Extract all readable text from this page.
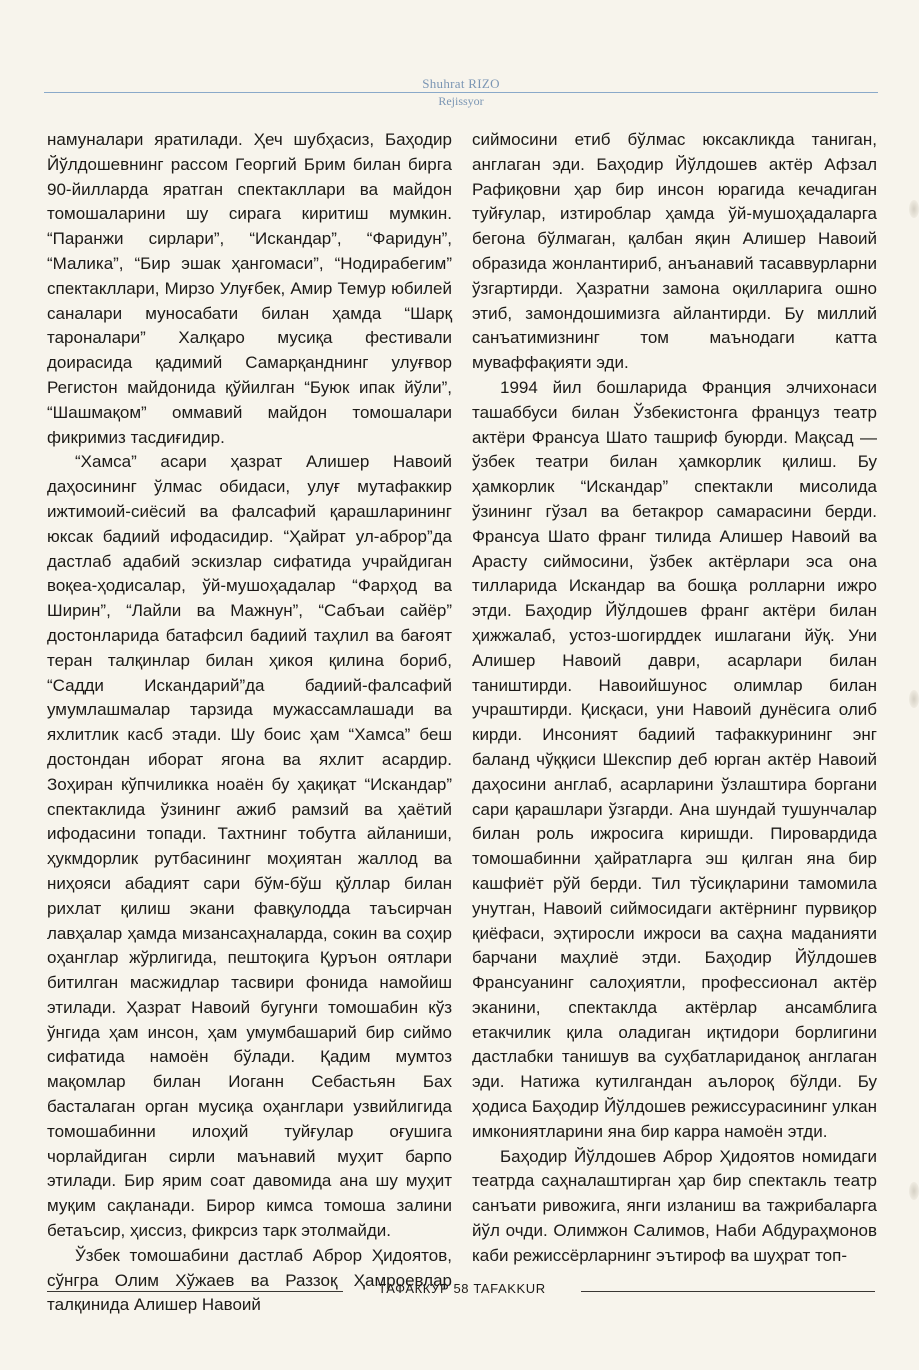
Shuhrat RIZO
Rejissyor

намуналари яратилади. Ҳеч шубҳасиз, Баҳодир Йўлдошевнинг рассом Георгий Брим билан бирга 90-йилларда яратган спектакллари ва майдон томошаларини шу сирага киритиш мумкин. “Паранжи сирлари”, “Искандар”, “Фаридун”, “Малика”, “Бир эшак ҳангомаси”, “Нодирабегим” спектакллари, Мирзо Улуғбек, Амир Темур юбилей саналари муносабати билан ҳамда “Шарқ тароналари” Халқаро мусиқа фестивали доирасида қадимий Самарқанднинг улуғвор Регистон майдонида қўйилган “Буюк ипак йўли”, “Шашмақом” оммавий майдон томошалари фикримиз тасдиғидир.

“Хамса” асари ҳазрат Алишер Навоий даҳосининг ўлмас обидаси, улуғ мутафаккир ижтимоий-сиёсий ва фалсафий қарашларининг юксак бадиий ифодасидир. “Ҳайрат ул-аброр”да дастлаб адабий эскизлар сифатида учрайдиган воқеа-ҳодисалар, ўй-мушоҳадалар “Фарҳод ва Ширин”, “Лайли ва Мажнун”, “Сабъаи сайёр” достонларида батафсил бадиий таҳлил ва бағоят теран талқинлар билан ҳикоя қилина бориб, “Садди Искандарий”да бадиий-фалсафий умумлашмалар тарзида мужассамлашади ва яхлитлик касб этади. Шу боис ҳам “Хамса” беш достондан иборат ягона ва яхлит асардир. Зоҳиран кўпчиликка ноаён бу ҳақиқат “Искандар” спектаклида ўзининг ажиб рамзий ва ҳаётий ифодасини топади. Тахтнинг тобутга айланиши, ҳукмдорлик рутбасининг моҳиятан жаллод ва ниҳояси абадият сари бўм-бўш қўллар билан рихлат қилиш экани фавқулодда таъсирчан лавҳалар ҳамда мизансаҳналарда, сокин ва соҳир оҳанглар жўрлигида, пештоқига Қуръон оятлари битилган масжидлар тасвири фонида намойиш этилади. Ҳазрат Навоий бугунги томошабин кўз ўнгида ҳам инсон, ҳам умумбашарий бир сиймо сифатида намоён бўлади. Қадим мумтоз мақомлар билан Иоганн Себастьян Бах басталаган орган мусиқа оҳанглари узвийлигида томошабинни илоҳий туйғулар оғушига чорлайдиган сирли маънавий муҳит барпо этилади. Бир ярим соат давомида ана шу муҳит муқим сақланади. Бирор кимса томоша залини бетаъсир, ҳиссиз, фикрсиз тарк этолмайди.

Ўзбек томошабини дастлаб Аброр Ҳидоятов, сўнгра Олим Хўжаев ва Раззоқ Ҳамроевлар талқинида Алишер Навоий

сиймосини етиб бўлмас юксакликда таниган, англаган эди. Баҳодир Йўлдошев актёр Афзал Рафиқовни ҳар бир инсон юрагида кечадиган туйғулар, изтироблар ҳамда ўй-мушоҳадаларга бегона бўлмаган, қалбан яқин Алишер Навоий образида жонлантириб, анъанавий тасаввурларни ўзгартирди. Ҳазратни замона оқилларига ошно этиб, замондошимизга айлантирди. Бу миллий санъатимизнинг том маънодаги катта муваффақияти эди.

1994 йил бошларида Франция элчихонаси ташаббуси билан Ўзбекистонга француз театр актёри Франсуа Шато ташриф буюрди. Мақсад — ўзбек театри билан ҳамкорлик қилиш. Бу ҳамкорлик “Искандар” спектакли мисолида ўзининг гўзал ва бетакрор самарасини берди. Франсуа Шато франг тилида Алишер Навоий ва Арасту сиймосини, ўзбек актёрлари эса она тилларида Искандар ва бошқа ролларни ижро этди. Баҳодир Йўлдошев франг актёри билан ҳижжалаб, устоз-шогирддек ишлагани йўқ. Уни Алишер Навоий даври, асарлари билан таништирди. Навоийшунос олимлар билан учраштирди. Қисқаси, уни Навоий дунёсига олиб кирди. Инсоният бадиий тафаккурининг энг баланд чўққиси Шекспир деб юрган актёр Навоий даҳосини англаб, асарларини ўзлаштира боргани сари қарашлари ўзгарди. Ана шундай тушунчалар билан роль ижросига киришди. Пировардида томошабинни ҳайратларга эш қилган яна бир кашфиёт рўй берди. Тил тўсиқларини тамомила унутган, Навоий сиймосидаги актёрнинг пурвиқор қиёфаси, эҳтиросли ижроси ва саҳна маданияти барчани маҳлиё этди. Баҳодир Йўлдошев Франсуанинг салоҳиятли, профессионал актёр эканини, спектаклда актёрлар ансамблига етакчилик қила оладиган иқтидори борлигини дастлабки танишув ва суҳбатлариданоқ англаган эди. Натижа кутилгандан аълороқ бўлди. Бу ҳодиса Баҳодир Йўлдошев режиссурасининг улкан имкониятларини яна бир карра намоён этди.

Баҳодир Йўлдошев Аброр Ҳидоятов номидаги театрда саҳналаштирган ҳар бир спектакль театр санъати ривожига, янги изланиш ва тажрибаларга йўл очди. Олимжон Салимов, Наби Абдураҳмонов каби режиссёрларнинг эътироф ва шуҳрат топ-

ТАФАККУР 58 TAFAKKUR
